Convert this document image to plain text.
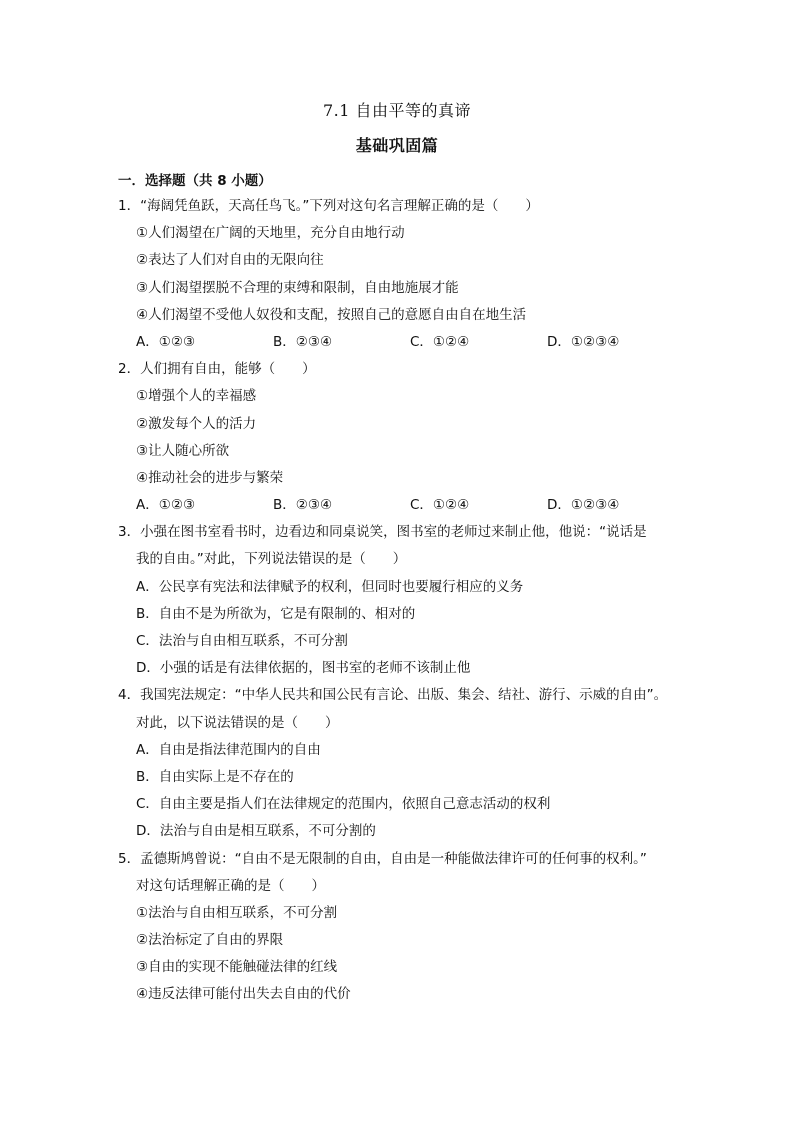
7.1 自由平等的真谛
基础巩固篇
一．选择题（共 8 小题）
1．“海阔凭鱼跃，天高任鸟飞。”下列对这句名言理解正确的是（　　）
①人们渴望在广阔的天地里，充分自由地行动
②表达了人们对自由的无限向往
③人们渴望摆脱不合理的束缚和限制，自由地施展才能
④人们渴望不受他人奴役和支配，按照自己的意愿自由自在地生活
A．①②③	B．②③④	C．①②④	D．①②③④
2．人们拥有自由，能够（　　）
①增强个人的幸福感
②激发每个人的活力
③让人随心所欲
④推动社会的进步与繁荣
A．①②③	B．②③④	C．①②④	D．①②③④
3．小强在图书室看书时，边看边和同桌说笑，图书室的老师过来制止他，他说：“说话是
我的自由。”对此，下列说法错误的是（　　）
A．公民享有宪法和法律赋予的权利，但同时也要履行相应的义务
B．自由不是为所欲为，它是有限制的、相对的
C．法治与自由相互联系，不可分割
D．小强的话是有法律依据的，图书室的老师不该制止他
4．我国宪法规定：“中华人民共和国公民有言论、出版、集会、结社、游行、示威的自由”。
对此，以下说法错误的是（　　）
A．自由是指法律范围内的自由
B．自由实际上是不存在的
C．自由主要是指人们在法律规定的范围内，依照自己意志活动的权利
D．法治与自由是相互联系，不可分割的
5．孟德斯鸠曾说：“自由不是无限制的自由，自由是一种能做法律许可的任何事的权利。”
对这句话理解正确的是（　　）
①法治与自由相互联系，不可分割
②法治标定了自由的界限
③自由的实现不能触碰法律的红线
④违反法律可能付出失去自由的代价
